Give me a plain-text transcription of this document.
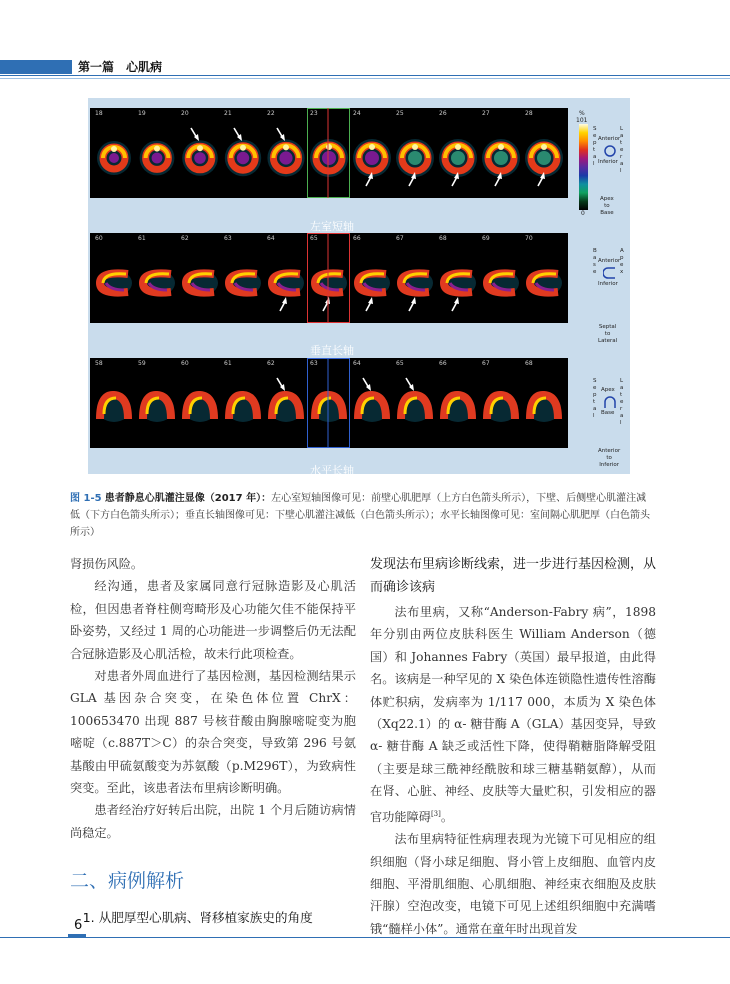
第一篇　心肌病
18	19	20	21	22	23	24	25	26	27	28
左室短轴
60	61	62	63	64	65	66	67	68	69	70
垂直长轴
58	59	60	61	62	63	64	65	66	67	68
水平长轴
%
101
0
S e p t a l
L a t e r a l
Anterior
Inferior
Apex
to
Base
B a s e
A p e x
Anterior
Inferior
Septal
to
Lateral
S e p t a l
L a t e r a l
Apex
Base
Anterior
to
Inferior
图 1-5 患者静息心肌灌注显像（2017 年）：左心室短轴图像可见：前壁心肌肥厚（上方白色箭头所示），下壁、后侧壁心肌灌注减低（下方白色箭头所示）；垂直长轴图像可见：下壁心肌灌注减低（白色箭头所示）；水平长轴图像可见：室间隔心肌肥厚（白色箭头所示）

肾损伤风险。

经沟通，患者及家属同意行冠脉造影及心肌活检，但因患者脊柱侧弯畸形及心功能欠佳不能保持平卧姿势，又经过 1 周的心功能进一步调整后仍无法配合冠脉造影及心肌活检，故未行此项检查。

对患者外周血进行了基因检测，基因检测结果示 GLA 基因杂合突变，在染色体位置 ChrX：100653470 出现 887 号核苷酸由胸腺嘧啶变为胞嘧啶（c.887T＞C）的杂合突变，导致第 296 号氨基酸由甲硫氨酸变为苏氨酸（p.M296T），为致病性突变。至此，该患者法布里病诊断明确。

患者经治疗好转后出院，出院 1 个月后随访病情尚稳定。

二、病例解析
1. 从肥厚型心肌病、肾移植家族史的角度
发现法布里病诊断线索，进一步进行基因检测，从而确诊该病

法布里病，又称“Anderson-Fabry 病”，1898 年分别由两位皮肤科医生 William Anderson（德国）和 Johannes Fabry（英国）最早报道，由此得名。该病是一种罕见的 X 染色体连锁隐性遗传性溶酶体贮积病，发病率为 1/117 000，本质为 X 染色体（Xq22.1）的 α- 糖苷酶 A（GLA）基因变异，导致 α- 糖苷酶 A 缺乏或活性下降，使得鞘糖脂降解受阻（主要是球三酰神经酰胺和球三糖基鞘氨醇），从而在肾、心脏、神经、皮肤等大量贮积，引发相应的器官功能障碍[3]。

法布里病特征性病理表现为光镜下可见相应的组织细胞（肾小球足细胞、肾小管上皮细胞、血管内皮细胞、平滑肌细胞、心肌细胞、神经束衣细胞及皮肤汗腺）空泡改变，电镜下可见上述组织细胞中充满嗜锇“髓样小体”。通常在童年时出现首发

6
